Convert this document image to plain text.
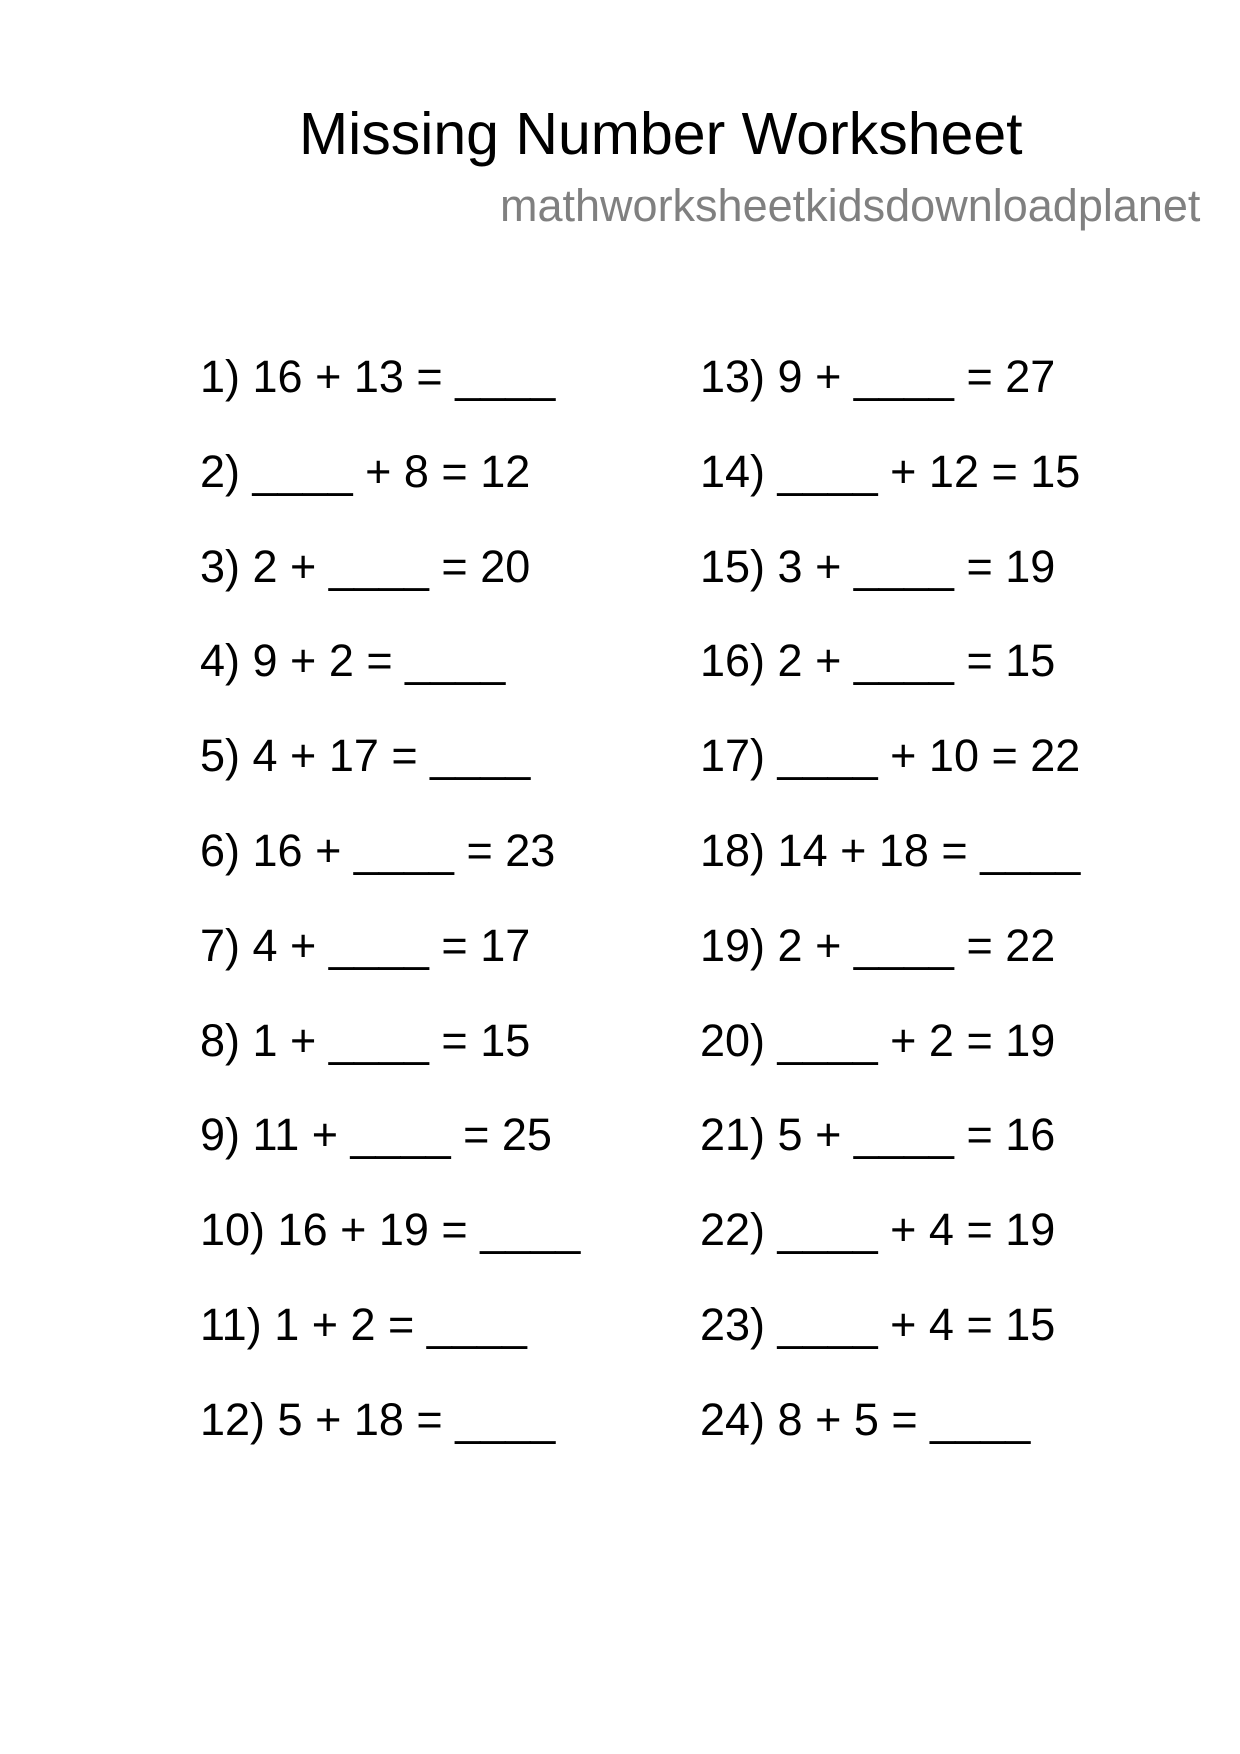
Missing Number Worksheet
mathworksheetkidsdownloadplanet
1) 16 + 13 = ____
2) ____ + 8 = 12
3) 2 + ____ = 20
4) 9 + 2 = ____
5) 4 + 17 = ____
6) 16 + ____ = 23
7) 4 + ____ = 17
8) 1 + ____ = 15
9) 11 + ____ = 25
10) 16 + 19 = ____
11) 1 + 2 = ____
12) 5 + 18 = ____
13) 9 + ____ = 27
14) ____ + 12 = 15
15) 3 + ____ = 19
16) 2 + ____ = 15
17) ____ + 10 = 22
18) 14 + 18 = ____
19) 2 + ____ = 22
20) ____ + 2 = 19
21) 5 + ____ = 16
22) ____ + 4 = 19
23) ____ + 4 = 15
24) 8 + 5 = ____
